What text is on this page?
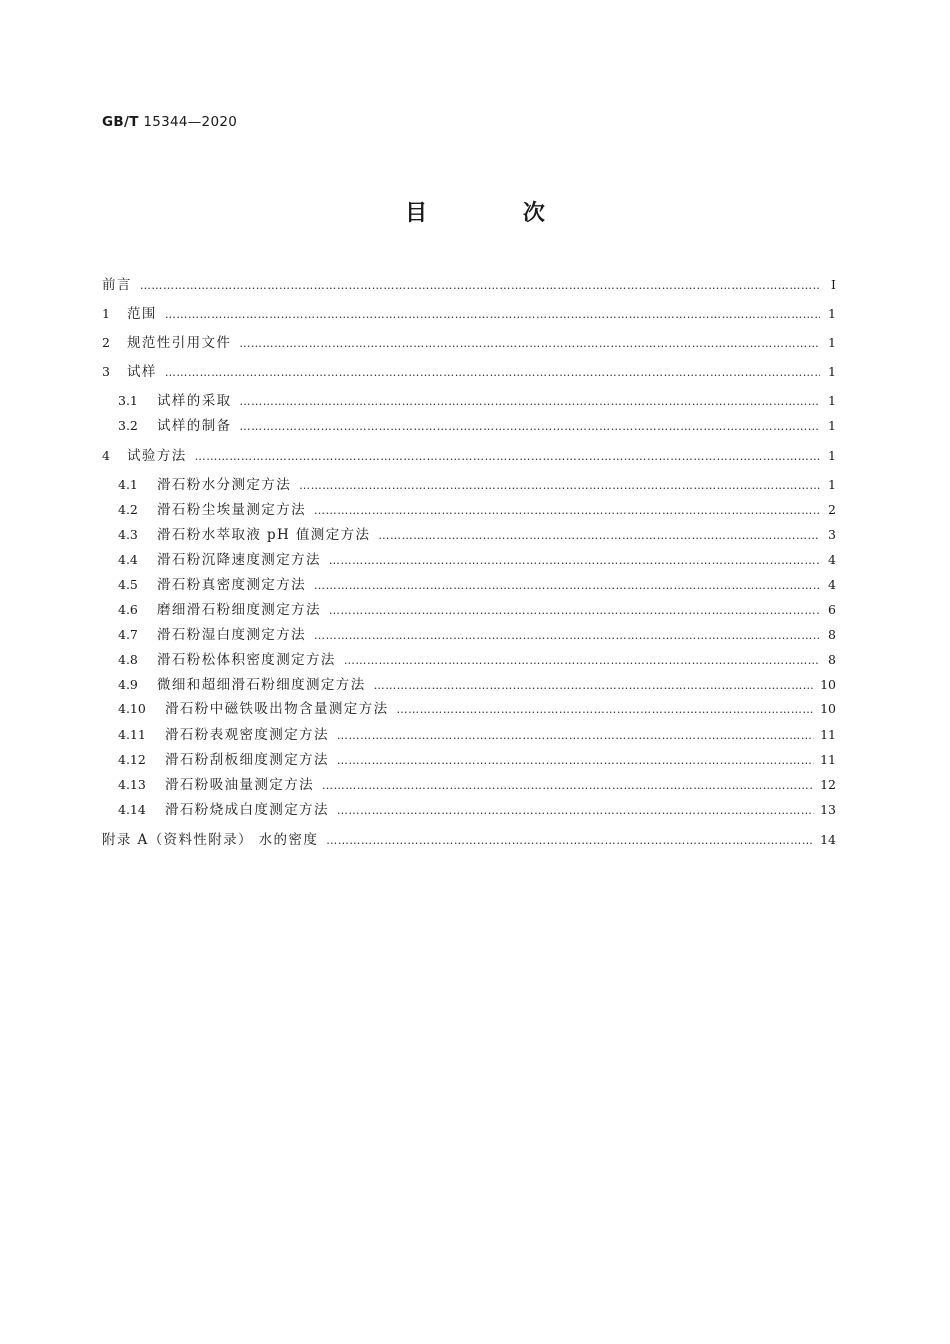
GB/T 15344—2020
目 次
前言 ……………………………………………………………………………………………………………………………………………………………………………	Ⅰ
1	范围 ……………………………………………………………………………………………………………………………………………………………………………	1
2	规范性引用文件 ……………………………………………………………………………………………………………………………………………………………………………	1
3	试样 ……………………………………………………………………………………………………………………………………………………………………………	1
3.1	试样的采取 ……………………………………………………………………………………………………………………………………………………………………………	1
3.2	试样的制备 ……………………………………………………………………………………………………………………………………………………………………………	1
4	试验方法 ……………………………………………………………………………………………………………………………………………………………………………	1
4.1	滑石粉水分测定方法 ……………………………………………………………………………………………………………………………………………………………………………	1
4.2	滑石粉尘埃量测定方法 ……………………………………………………………………………………………………………………………………………………………………………	2
4.3	滑石粉水萃取液 pH 值测定方法 ……………………………………………………………………………………………………………………………………………………………………………	3
4.4	滑石粉沉降速度测定方法 ……………………………………………………………………………………………………………………………………………………………………………	4
4.5	滑石粉真密度测定方法 ……………………………………………………………………………………………………………………………………………………………………………	4
4.6	磨细滑石粉细度测定方法 ……………………………………………………………………………………………………………………………………………………………………………	6
4.7	滑石粉湿白度测定方法 ……………………………………………………………………………………………………………………………………………………………………………	8
4.8	滑石粉松体积密度测定方法 ……………………………………………………………………………………………………………………………………………………………………………	8
4.9	微细和超细滑石粉细度测定方法 ……………………………………………………………………………………………………………………………………………………………………………	10
4.10	滑石粉中磁铁吸出物含量测定方法 ……………………………………………………………………………………………………………………………………………………………………………	10
4.11	滑石粉表观密度测定方法 ……………………………………………………………………………………………………………………………………………………………………………	11
4.12	滑石粉刮板细度测定方法 ……………………………………………………………………………………………………………………………………………………………………………	11
4.13	滑石粉吸油量测定方法 ……………………………………………………………………………………………………………………………………………………………………………	12
4.14	滑石粉烧成白度测定方法 ……………………………………………………………………………………………………………………………………………………………………………	13
附录 A（资料性附录） 水的密度 ……………………………………………………………………………………………………………………………………………………………………………	14
